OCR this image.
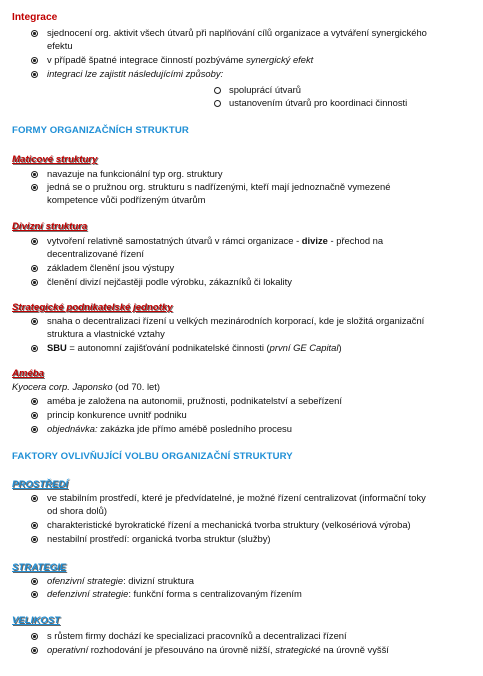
Integrace
sjednocení org. aktivit všech útvarů při naplňování cílů organizace a vytváření synergického
efektu
v případě špatné integrace činností pozbýváme synergický efekt
integraci lze zajistit následujícími způsoby:
spoluprácí útvarů
ustanovením útvarů pro koordinaci činnosti
FORMY ORGANIZAČNÍCH STRUKTUR
Maticové struktury
navazuje na funkcionální typ org. struktury
jedná se o pružnou org. strukturu s nadřízenými, kteří mají jednoznačně vymezené
kompetence vůči podřízeným útvarům
Divizní struktura
vytvoření relativně samostatných útvarů v rámci organizace - divize - přechod na
decentralizované řízení
základem členění jsou výstupy
členění divizí nejčastěji podle výrobku, zákazníků či lokality
Strategické podnikatelské jednotky
snaha o decentralizaci řízení u velkých mezinárodních korporací, kde je složitá organizační
struktura a vlastnické vztahy
SBU = autonomní zajišťování podnikatelské činnosti (první GE Capital)
Améba
Kyocera corp. Japonsko (od 70. let)
améba je založena na autonomii, pružnosti, podnikatelství a sebeřízení
princip konkurence uvnitř podniku
objednávka: zakázka jde přímo amébě posledního procesu
FAKTORY OVLIVŇUJÍCÍ VOLBU ORGANIZAČNÍ STRUKTURY
PROSTŘEDÍ
ve stabilním prostředí, které je předvídatelné, je možné řízení centralizovat (informační toky
od shora dolů)
charakteristické byrokratické řízení a mechanická tvorba struktury (velkosériová výroba)
nestabilní prostředí: organická tvorba struktur (služby)
STRATEGIE
ofenzivní strategie: divizní struktura
defenzivní strategie: funkční forma s centralizovaným řízením
VELIKOST
s růstem firmy dochází ke specializaci pracovníků a decentralizaci řízení
operativní rozhodování je přesouváno na úrovně nižší, strategické na úrovně vyšší
